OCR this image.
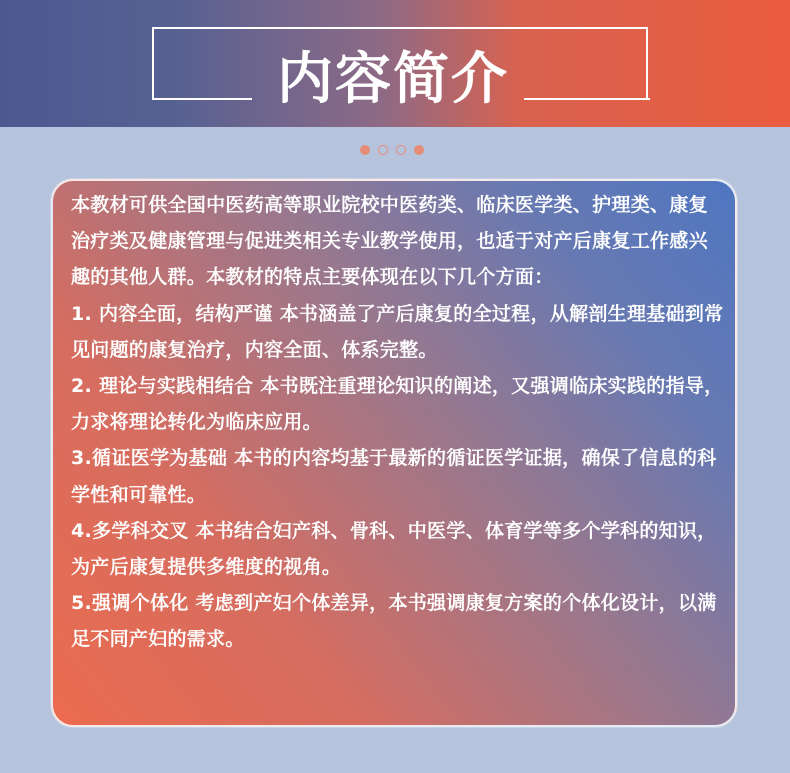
内容简介

本教材可供全国中医药高等职业院校中医药类、临床医学类、护理类、康复治疗类及健康管理与促进类相关专业教学使用，也适于对产后康复工作感兴趣的其他人群。本教材的特点主要体现在以下几个方面：

1. 内容全面，结构严谨 本书涵盖了产后康复的全过程，从解剖生理基础到常见问题的康复治疗，内容全面、体系完整。

2. 理论与实践相结合 本书既注重理论知识的阐述，又强调临床实践的指导，力求将理论转化为临床应用。

3.循证医学为基础 本书的内容均基于最新的循证医学证据，确保了信息的科学性和可靠性。

4.多学科交叉 本书结合妇产科、骨科、中医学、体育学等多个学科的知识，为产后康复提供多维度的视角。

5.强调个体化 考虑到产妇个体差异，本书强调康复方案的个体化设计，以满足不同产妇的需求。
